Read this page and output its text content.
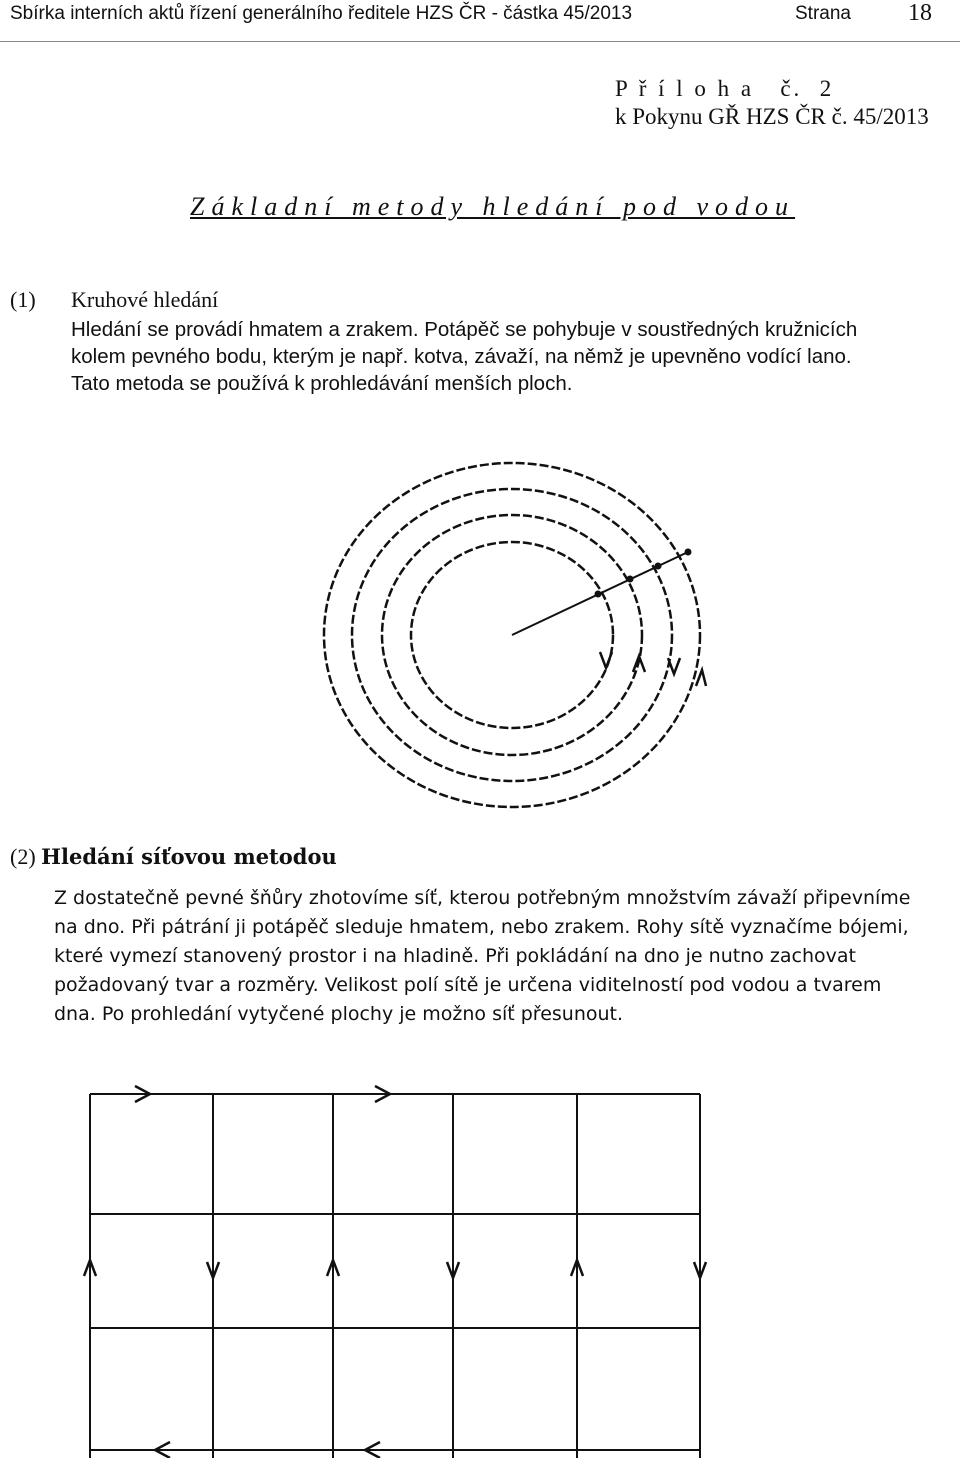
Sbírka interních aktů řízení generálního ředitele HZS ČR - částka 45/2013	Strana 18
P ř í l o h a   č.  2
k Pokynu GŘ HZS ČR č. 45/2013
Základní metody hledání pod vodou
(1) Kruhové hledání

Hledání se provádí hmatem a zrakem. Potápěč se pohybuje v soustředných kružnicích

kolem pevného bodu, kterým je např. kotva, závaží, na němž je upevněno vodící lano.

Tato metoda se používá k prohledávání menších ploch.

(2) Hledání síťovou metodou

Z dostatečně pevné šňůry zhotovíme síť, kterou potřebným množstvím závaží připevníme

na dno. Při pátrání ji potápěč sleduje hmatem, nebo zrakem. Rohy sítě vyznačíme bójemi,

které vymezí stanovený prostor i na hladině. Při pokládání na dno je nutno zachovat

požadovaný tvar a rozměry. Velikost polí sítě je určena viditelností pod vodou a tvarem

dna. Po prohledání vytyčené plochy je možno síť přesunout.
